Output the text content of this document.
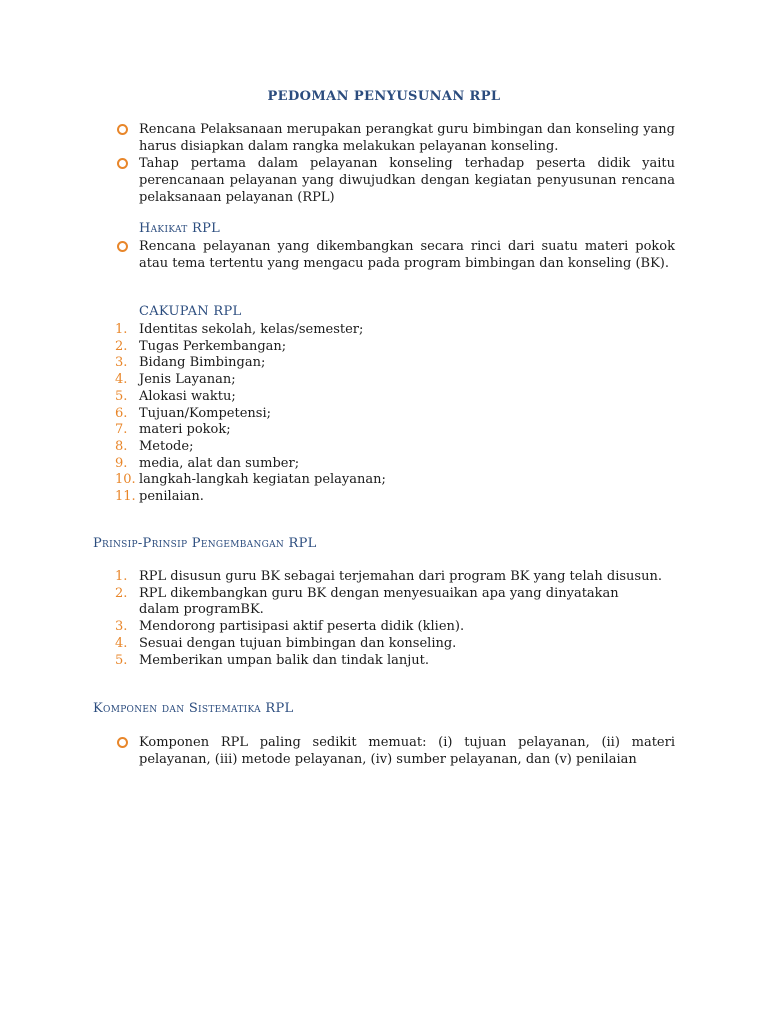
PEDOMAN PENYUSUNAN RPL

Rencana Pelaksanaan merupakan perangkat guru bimbingan dan konseling yang harus disiapkan dalam rangka melakukan pelayanan konseling.

Tahap pertama dalam pelayanan konseling terhadap peserta didik yaitu perencanaan pelayanan yang diwujudkan dengan kegiatan penyusunan rencana pelaksanaan pelayanan (RPL)

Hakikat RPL

Rencana pelayanan yang dikembangkan secara rinci dari suatu materi pokok atau tema tertentu yang mengacu pada program bimbingan dan konseling (BK).

CAKUPAN RPL
1. Identitas sekolah, kelas/semester;
2. Tugas Perkembangan;
3. Bidang Bimbingan;
4. Jenis Layanan;
5. Alokasi waktu;
6. Tujuan/Kompetensi;
7. materi pokok;
8. Metode;
9. media, alat dan sumber;
10. langkah-langkah kegiatan pelayanan;
11. penilaian.
Prinsip-Prinsip Pengembangan RPL
1. RPL disusun guru BK sebagai terjemahan dari program BK yang telah disusun.
2. RPL dikembangkan guru BK dengan menyesuaikan apa yang dinyatakan dalam programBK.
3. Mendorong partisipasi aktif peserta didik (klien).
4. Sesuai dengan tujuan bimbingan dan konseling.
5. Memberikan umpan balik dan tindak lanjut.
Komponen dan Sistematika RPL

Komponen RPL paling sedikit memuat: (i) tujuan pelayanan, (ii) materi pelayanan, (iii) metode pelayanan, (iv) sumber pelayanan, dan (v) penilaian
